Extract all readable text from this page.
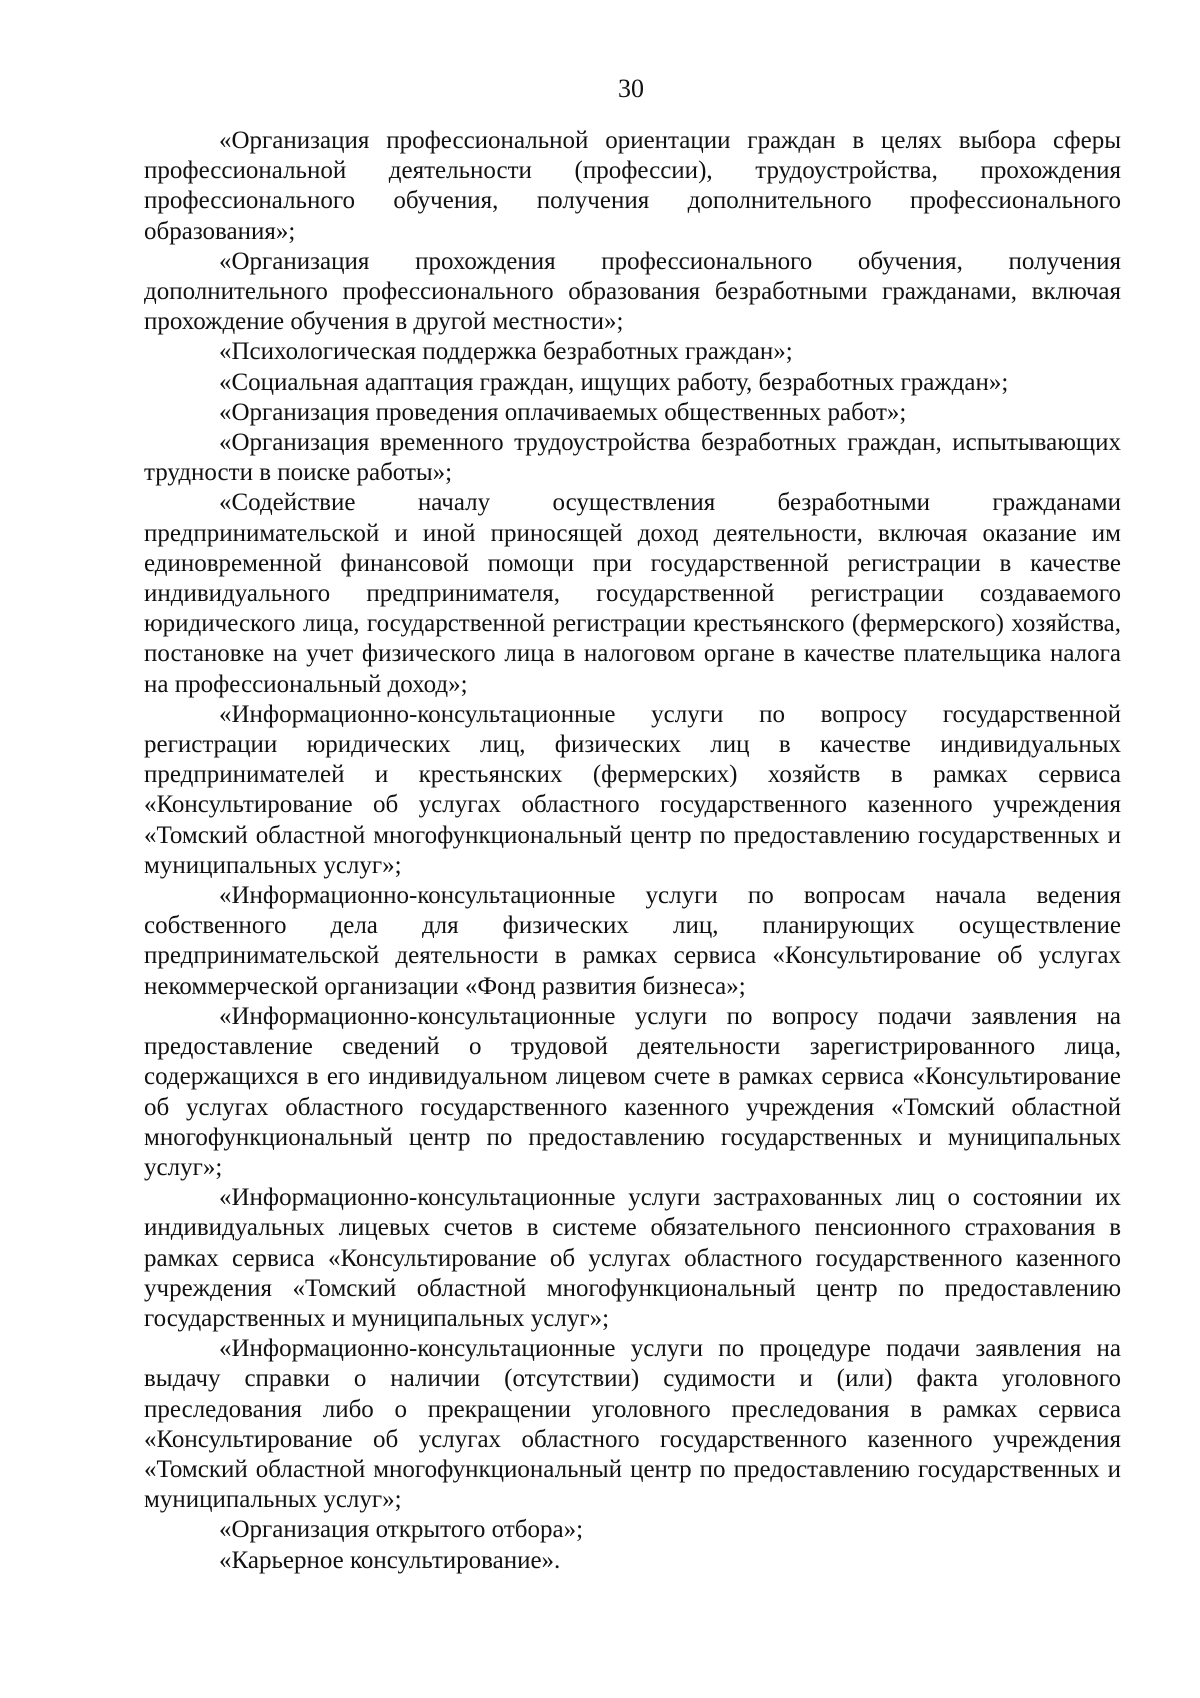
30

«Организация профессиональной ориентации граждан в целях выбора сферы профессиональной деятельности (профессии), трудоустройства, прохождения профессионального обучения, получения дополнительного профессионального образования»;

«Организация прохождения профессионального обучения, получения дополнительного профессионального образования безработными гражданами, включая прохождение обучения в другой местности»;

«Психологическая поддержка безработных граждан»;

«Социальная адаптация граждан, ищущих работу, безработных граждан»;

«Организация проведения оплачиваемых общественных работ»;

«Организация временного трудоустройства безработных граждан, испытывающих трудности в поиске работы»;

«Содействие началу осуществления безработными гражданами предпринимательской и иной приносящей доход деятельности, включая оказание им единовременной финансовой помощи при государственной регистрации в качестве индивидуального предпринимателя, государственной регистрации создаваемого юридического лица, государственной регистрации крестьянского (фермерского) хозяйства, постановке на учет физического лица в налоговом органе в качестве плательщика налога на профессиональный доход»;

«Информационно-консультационные услуги по вопросу государственной регистрации юридических лиц, физических лиц в качестве индивидуальных предпринимателей и крестьянских (фермерских) хозяйств в рамках сервиса «Консультирование об услугах областного государственного казенного учреждения «Томский областной многофункциональный центр по предоставлению государственных и муниципальных услуг»;

«Информационно-консультационные услуги по вопросам начала ведения собственного дела для физических лиц, планирующих осуществление предпринимательской деятельности в рамках сервиса «Консультирование об услугах некоммерческой организации «Фонд развития бизнеса»;

«Информационно-консультационные услуги по вопросу подачи заявления на предоставление сведений о трудовой деятельности зарегистрированного лица, содержащихся в его индивидуальном лицевом счете в рамках сервиса «Консультирование об услугах областного государственного казенного учреждения «Томский областной многофункциональный центр по предоставлению государственных и муниципальных услуг»;

«Информационно-консультационные услуги застрахованных лиц о состоянии их индивидуальных лицевых счетов в системе обязательного пенсионного страхования в рамках сервиса «Консультирование об услугах областного государственного казенного учреждения «Томский областной многофункциональный центр по предоставлению государственных и муниципальных услуг»;

«Информационно-консультационные услуги по процедуре подачи заявления на выдачу справки о наличии (отсутствии) судимости и (или) факта уголовного преследования либо о прекращении уголовного преследования в рамках сервиса «Консультирование об услугах областного государственного казенного учреждения «Томский областной многофункциональный центр по предоставлению государственных и муниципальных услуг»;

«Организация открытого отбора»;

«Карьерное консультирование».
